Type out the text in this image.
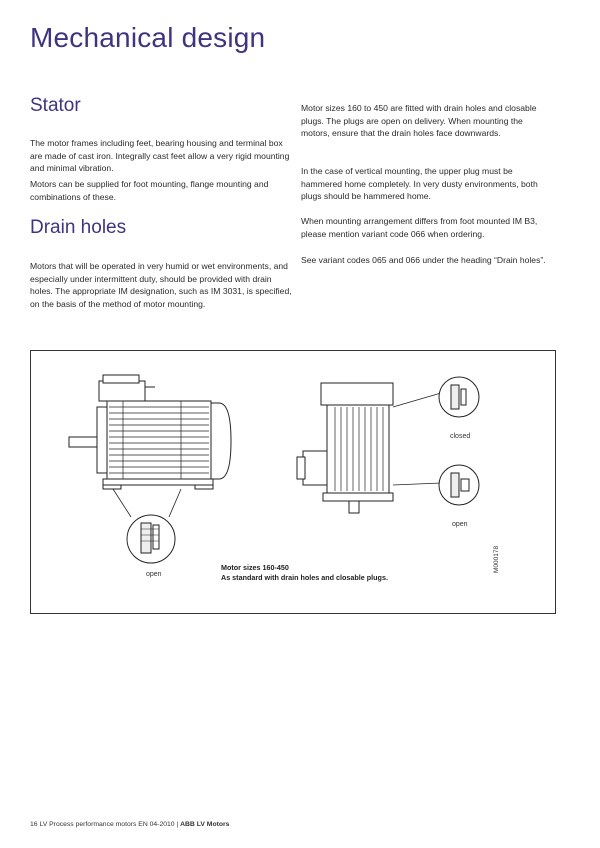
Mechanical design
Stator

The motor frames including feet, bearing housing and terminal box are made of cast iron. Integrally cast feet allow a very rigid mounting and minimal vibration.

Motors can be supplied for foot mounting, flange mounting and combinations of these.

Drain holes

Motors that will be operated in very humid or wet environments, and especially under intermittent duty, should be provided with drain holes. The appropriate IM designation, such as IM 3031, is specified, on the basis of the method of motor mounting.

Motor sizes 160 to 450 are fitted with drain holes and closable plugs. The plugs are open on delivery. When mounting the motors, ensure that the drain holes face downwards.

In the case of vertical mounting, the upper plug must be hammered home completely. In very dusty environments, both plugs should be hammered home.

When mounting arrangement differs from foot mounted IM B3, please mention variant code 066 when ordering.

See variant codes 065 and 066 under the heading “Drain holes”.

open
closed
open
Motor sizes 160-450
As standard with drain holes and closable plugs.
M000178
16 LV Process performance motors EN 04-2010 | ABB LV Motors
